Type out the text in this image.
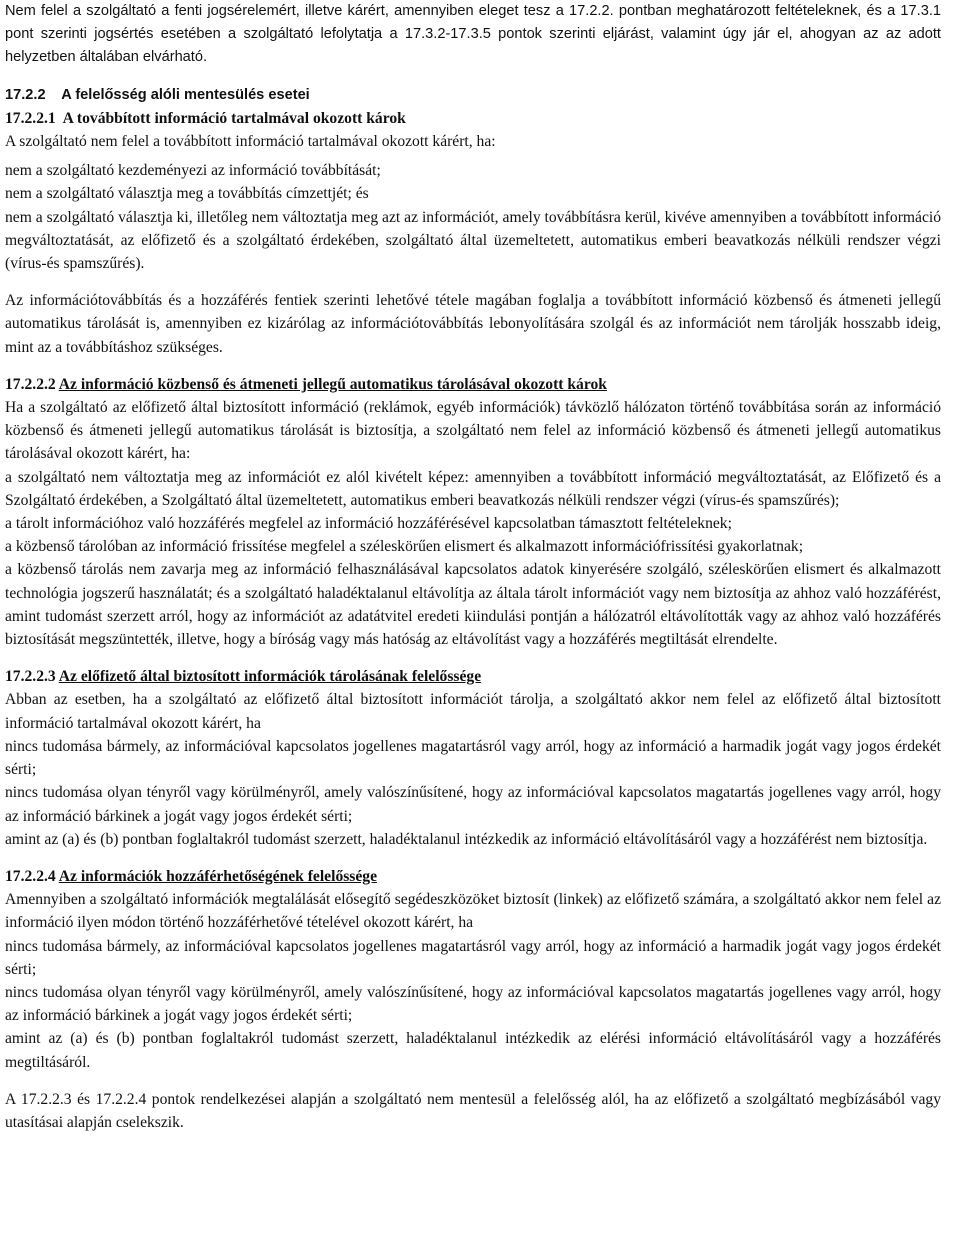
Nem felel a szolgáltató a fenti jogsérelemért, illetve kárért, amennyiben eleget tesz a 17.2.2. pontban meghatározott feltételeknek, és a 17.3.1 pont szerinti jogsértés esetében a szolgáltató lefolytatja a 17.3.2-17.3.5 pontok szerinti eljárást, valamint úgy jár el, ahogyan az az adott helyzetben általában elvárható.

17.2.2 A felelősség alóli mentesülés esetei

17.2.2.1 A továbbított információ tartalmával okozott károk

A szolgáltató nem felel a továbbított információ tartalmával okozott kárért, ha:

nem a szolgáltató kezdeményezi az információ továbbítását;

nem a szolgáltató választja meg a továbbítás címzettjét; és

nem a szolgáltató választja ki, illetőleg nem változtatja meg azt az információt, amely továbbításra kerül, kivéve amennyiben a továbbított információ megváltoztatását, az előfizető és a szolgáltató érdekében, szolgáltató által üzemeltetett, automatikus emberi beavatkozás nélküli rendszer végzi (vírus-és spamszűrés).

Az információtovábbítás és a hozzáférés fentiek szerinti lehetővé tétele magában foglalja a továbbított információ közbenső és átmeneti jellegű automatikus tárolását is, amennyiben ez kizárólag az információtovábbítás lebonyolítására szolgál és az információt nem tárolják hosszabb ideig, mint az a továbbításhoz szükséges.

17.2.2.2 Az információ közbenső és átmeneti jellegű automatikus tárolásával okozott károk

Ha a szolgáltató az előfizető által biztosított információ (reklámok, egyéb információk) távközlő hálózaton történő továbbítása során az információ közbenső és átmeneti jellegű automatikus tárolását is biztosítja, a szolgáltató nem felel az információ közbenső és átmeneti jellegű automatikus tárolásával okozott kárért, ha:

a szolgáltató nem változtatja meg az információt ez alól kivételt képez: amennyiben a továbbított információ megváltoztatását, az Előfizető és a Szolgáltató érdekében, a Szolgáltató által üzemeltetett, automatikus emberi beavatkozás nélküli rendszer végzi (vírus-és spamszűrés);

a tárolt információhoz való hozzáférés megfelel az információ hozzáférésével kapcsolatban támasztott feltételeknek;

a közbenső tárolóban az információ frissítése megfelel a széleskörűen elismert és alkalmazott információfrissítési gyakorlatnak;

a közbenső tárolás nem zavarja meg az információ felhasználásával kapcsolatos adatok kinyerésére szolgáló, széleskörűen elismert és alkalmazott technológia jogszerű használatát; és a szolgáltató haladéktalanul eltávolítja az általa tárolt információt vagy nem biztosítja az ahhoz való hozzáférést, amint tudomást szerzett arról, hogy az információt az adatátvitel eredeti kiindulási pontján a hálózatról eltávolították vagy az ahhoz való hozzáférés biztosítását megszüntették, illetve, hogy a bíróság vagy más hatóság az eltávolítást vagy a hozzáférés megtiltását elrendelte.

17.2.2.3 Az előfizető által biztosított információk tárolásának felelőssége

Abban az esetben, ha a szolgáltató az előfizető által biztosított információt tárolja, a szolgáltató akkor nem felel az előfizető által biztosított információ tartalmával okozott kárért, ha

nincs tudomása bármely, az információval kapcsolatos jogellenes magatartásról vagy arról, hogy az információ a harmadik jogát vagy jogos érdekét sérti;

nincs tudomása olyan tényről vagy körülményről, amely valószínűsítené, hogy az információval kapcsolatos magatartás jogellenes vagy arról, hogy az információ bárkinek a jogát vagy jogos érdekét sérti;

amint az (a) és (b) pontban foglaltakról tudomást szerzett, haladéktalanul intézkedik az információ eltávolításáról vagy a hozzáférést nem biztosítja.

17.2.2.4 Az információk hozzáférhetőségének felelőssége

Amennyiben a szolgáltató információk megtalálását elősegítő segédeszközöket biztosít (linkek) az előfizető számára, a szolgáltató akkor nem felel az információ ilyen módon történő hozzáférhetővé tételével okozott kárért, ha

nincs tudomása bármely, az információval kapcsolatos jogellenes magatartásról vagy arról, hogy az információ a harmadik jogát vagy jogos érdekét sérti;

nincs tudomása olyan tényről vagy körülményről, amely valószínűsítené, hogy az információval kapcsolatos magatartás jogellenes vagy arról, hogy az információ bárkinek a jogát vagy jogos érdekét sérti;

amint az (a) és (b) pontban foglaltakról tudomást szerzett, haladéktalanul intézkedik az elérési információ eltávolításáról vagy a hozzáférés megtiltásáról.

A 17.2.2.3 és 17.2.2.4 pontok rendelkezései alapján a szolgáltató nem mentesül a felelősség alól, ha az előfizető a szolgáltató megbízásából vagy utasításai alapján cselekszik.
